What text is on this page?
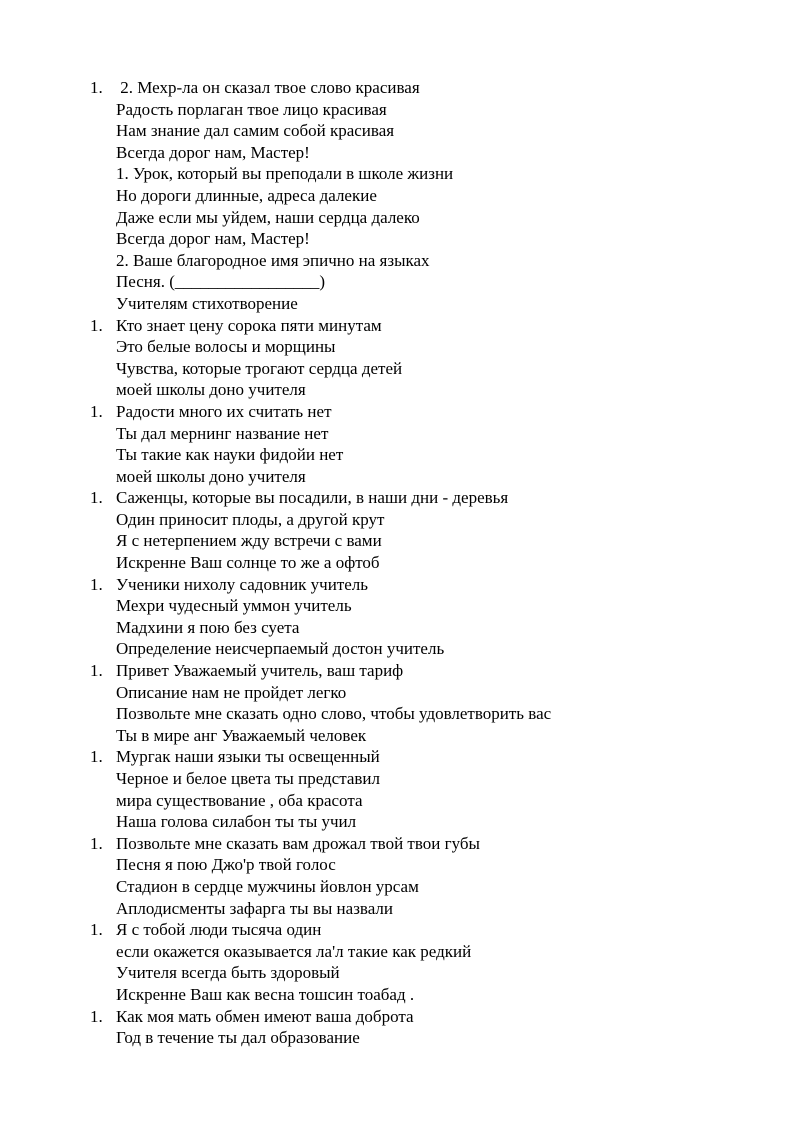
1. 2. Мехр-ла он сказал твое слово красивая
Радость порлаган твое лицо красивая
Нам знание дал самим собой красивая
Всегда дорог нам, Мастер!
1. Урок, который вы преподали в школе жизни
Но дороги длинные, адреса далекие
Даже если мы уйдем, наши сердца далеко
Всегда дорог нам, Мастер!
2. Ваше благородное имя эпично на языках
Песня. (_________________)
Учителям стихотворение
1. Кто знает цену сорока пяти минутам
Это белые волосы и морщины
Чувства, которые трогают сердца детей
моей школы доно учителя
1. Радости много их считать нет
Ты дал мернинг название нет
Ты такие как науки фидойи нет
моей школы доно учителя
1. Саженцы, которые вы посадили, в наши дни - деревья
Один приносит плоды, а другой крут
Я с нетерпением жду встречи с вами
Искренне Ваш солнце то же а офтоб
1. Ученики нихолу садовник учитель
Мехри чудесный уммон учитель
Мадхини я пою без суета
Определение неисчерпаемый достон учитель
1. Привет Уважаемый учитель, ваш тариф
Описание нам не пройдет легко
Позвольте мне сказать одно слово, чтобы удовлетворить вас
Ты в мире анг Уважаемый человек
1. Мургак наши языки ты освещенный
Черное и белое цвета ты представил
мира существование , оба красота
Наша голова силабон ты ты учил
1. Позвольте мне сказать вам дрожал твой твои губы
Песня я пою Джо'р твой голос
Стадион в сердце мужчины йовлон урсам
Аплодисменты зафарга ты вы назвали
1. Я с тобой люди тысяча один
если окажется оказывается ла'л такие как редкий
Учителя всегда быть здоровый
Искренне Ваш как весна тошсин тоабад .
1. Как моя мать обмен имеют ваша доброта
Год в течение ты дал образование
